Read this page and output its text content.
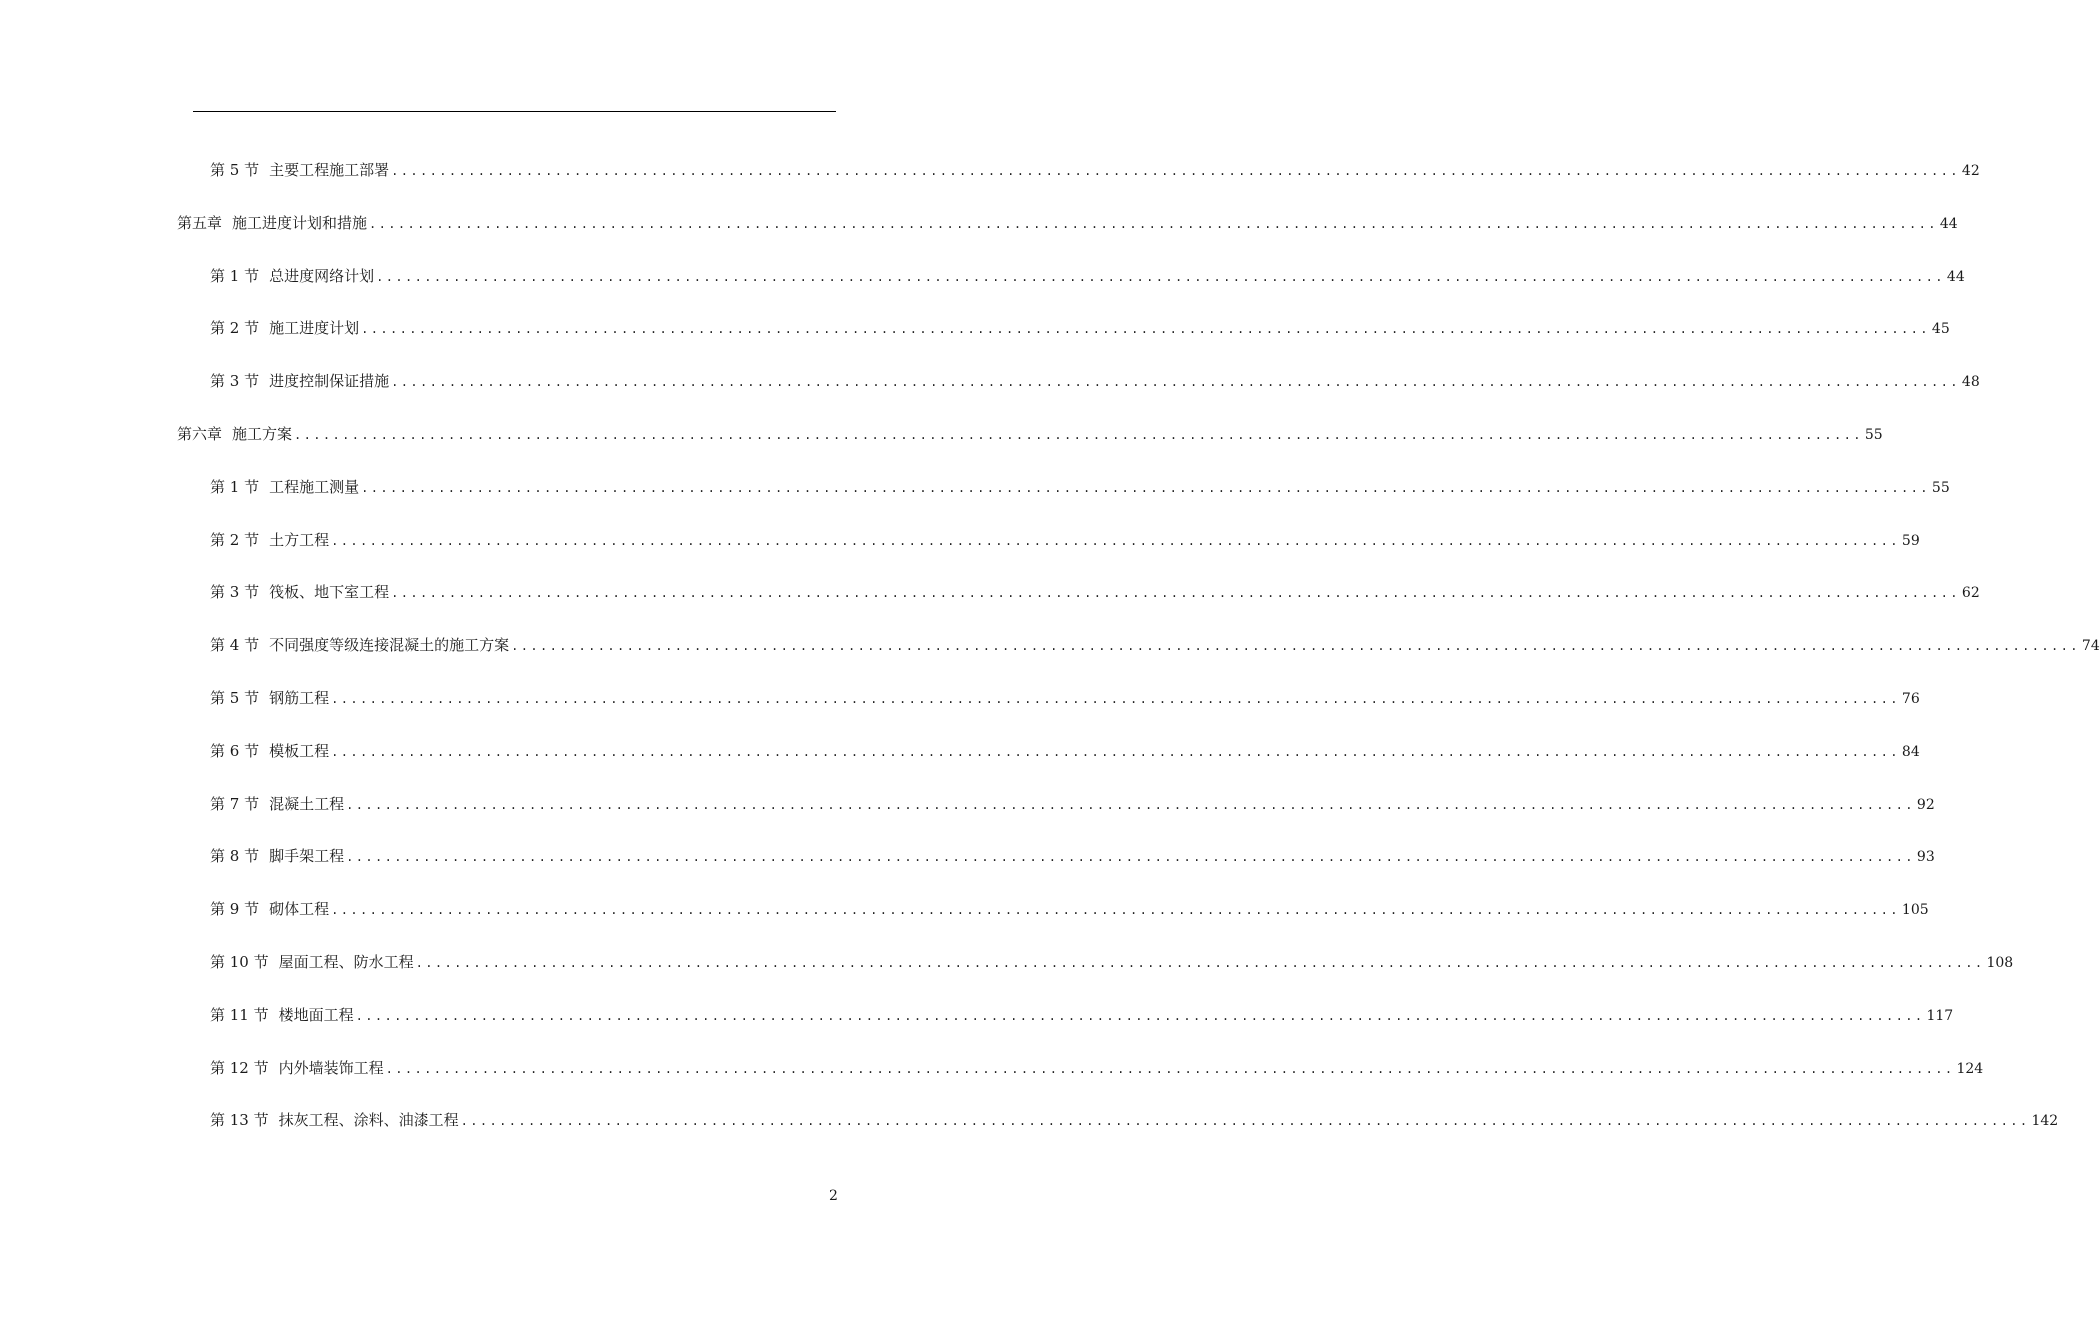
第 5 节 主要工程施工部署 .....	42
第五章 施工进度计划和措施 .....	44
第 1 节 总进度网络计划 .....	44
第 2 节 施工进度计划 .....	45
第 3 节 进度控制保证措施 .....	48
第六章 施工方案 .....	55
第 1 节 工程施工测量 .....	55
第 2 节 土方工程 .....	59
第 3 节 筏板、地下室工程 .....	62
第 4 节 不同强度等级连接混凝土的施工方案 .....	74
第 5 节 钢筋工程 .....	76
第 6 节 模板工程 .....	84
第 7 节 混凝土工程 .....	92
第 8 节 脚手架工程 .....	93
第 9 节 砌体工程 .....	105
第 10 节 屋面工程、防水工程 .....	108
第 11 节 楼地面工程 .....	117
第 12 节 内外墙装饰工程 .....	124
第 13 节 抹灰工程、涂料、油漆工程 .....	142
2
